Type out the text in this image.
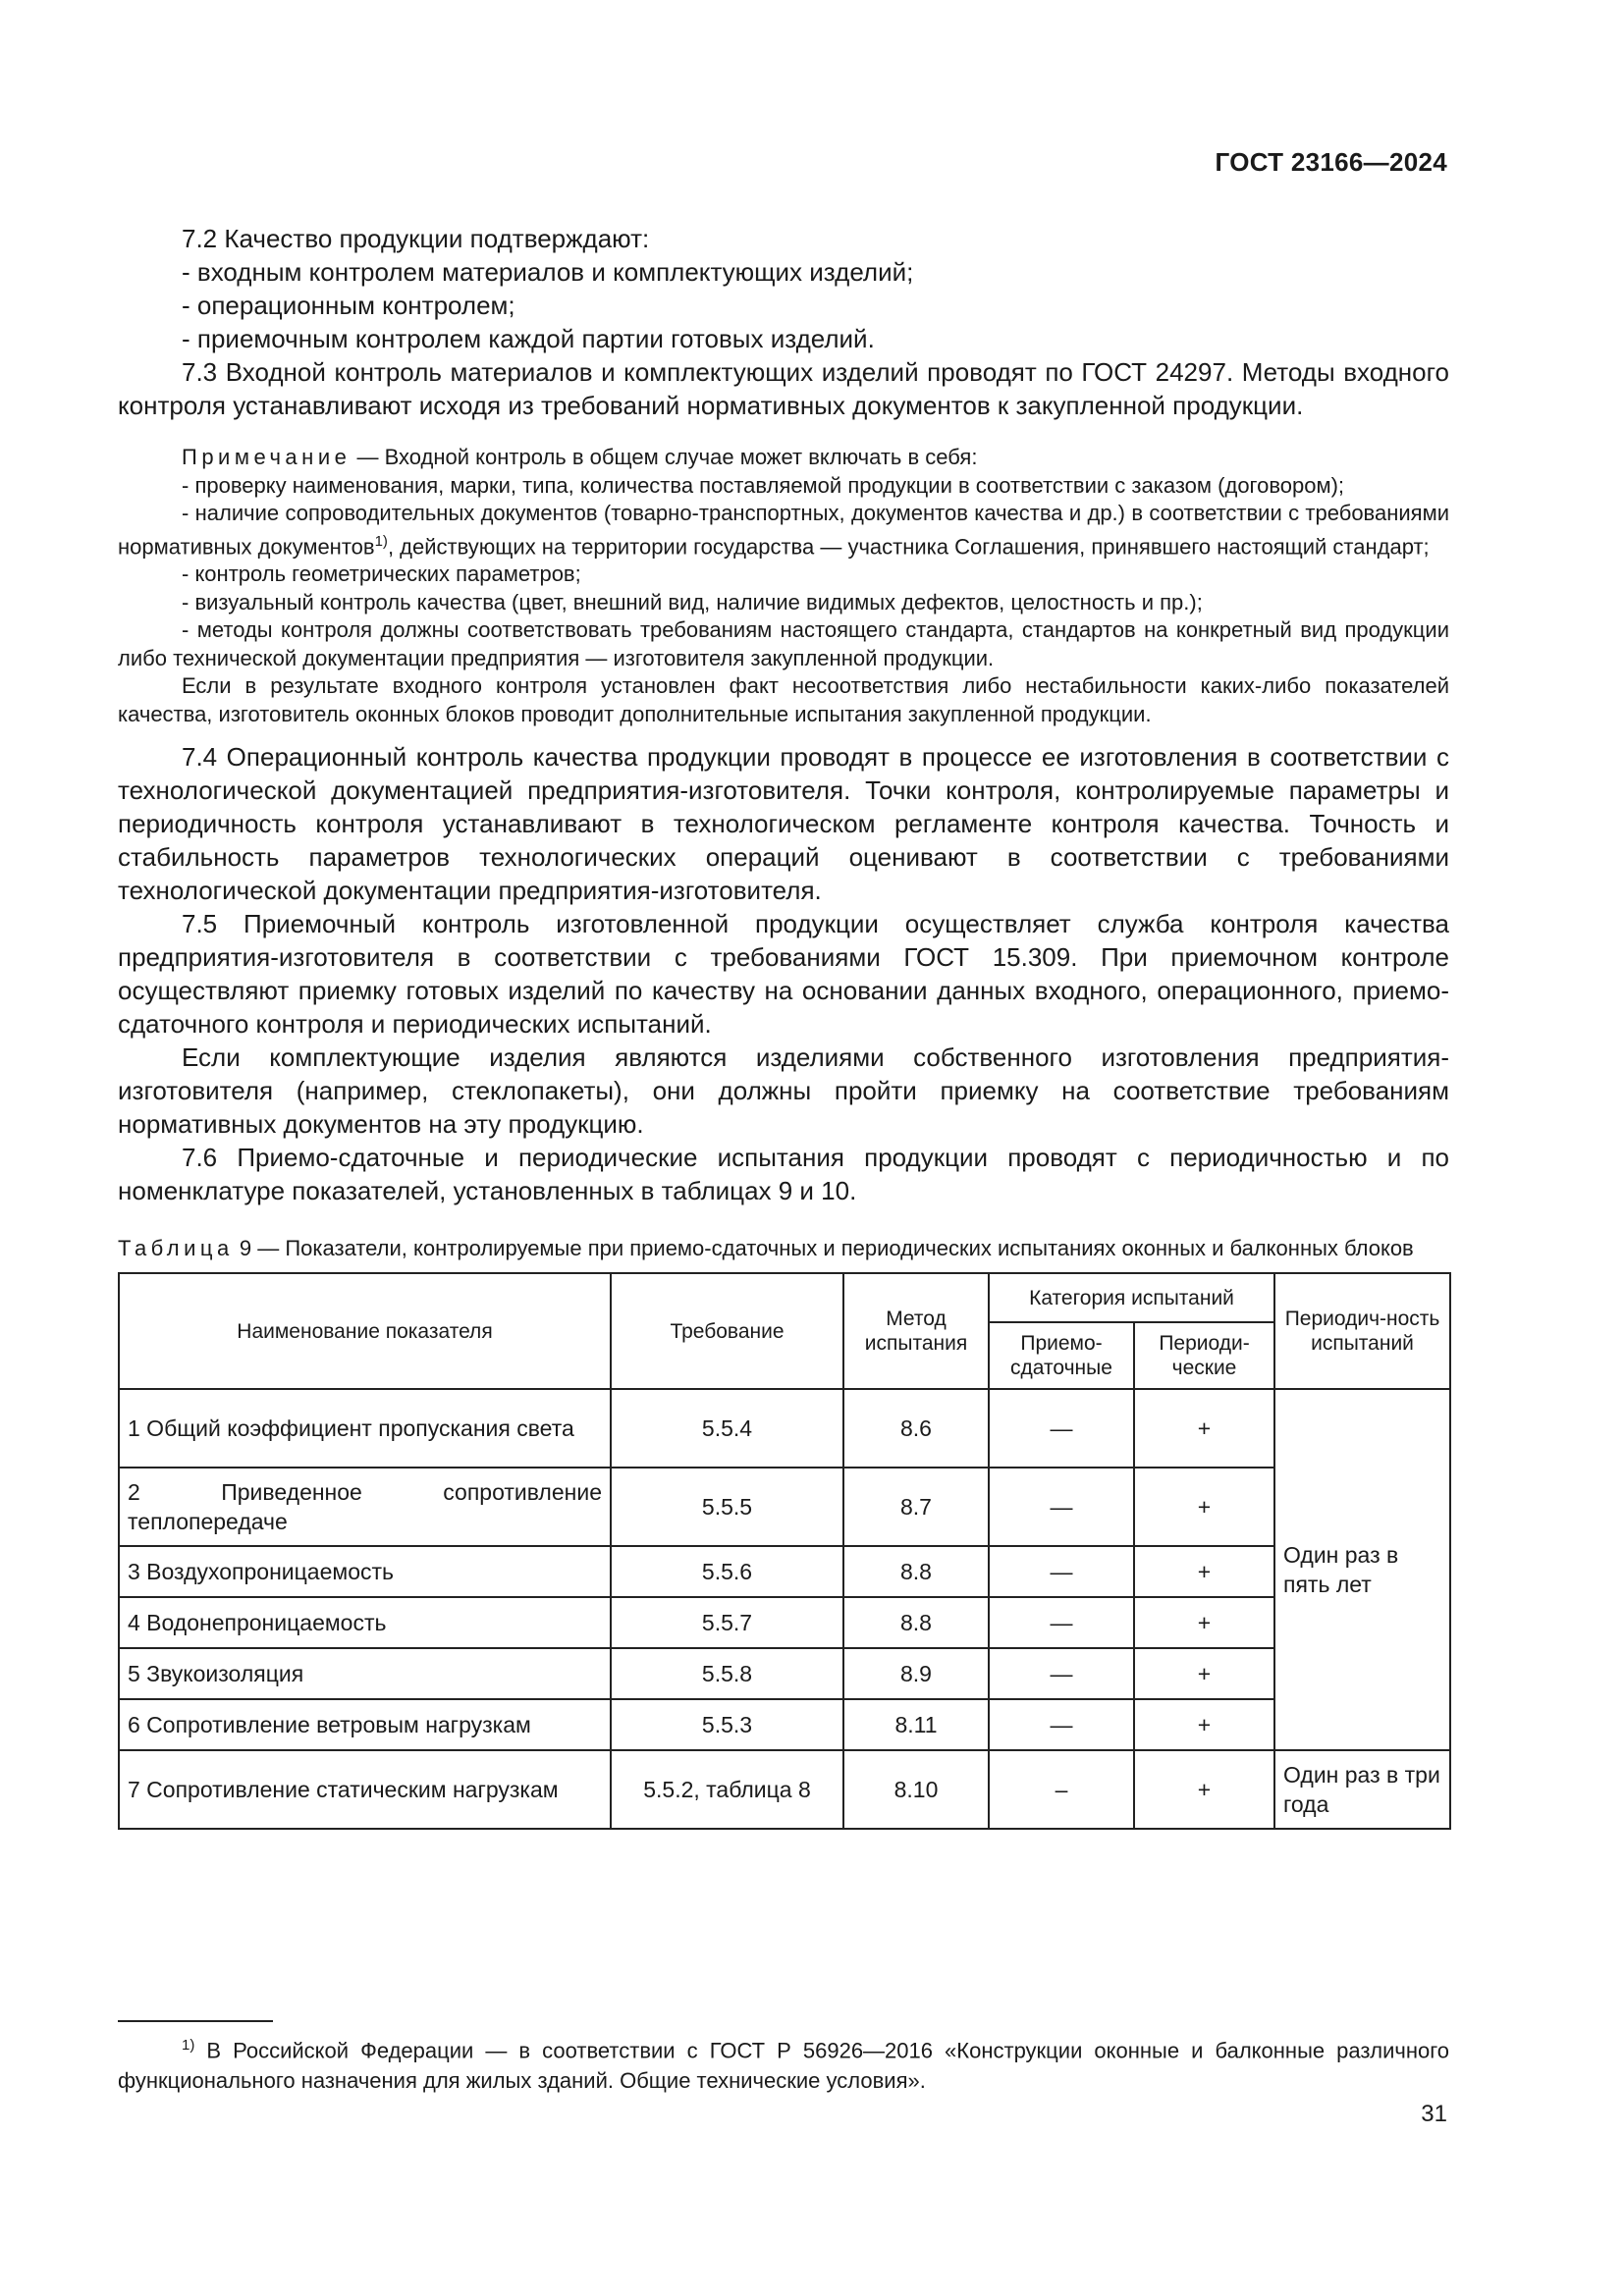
ГОСТ 23166—2024

7.2 Качество продукции подтверждают:

- входным контролем материалов и комплектующих изделий;

- операционным контролем;

- приемочным контролем каждой партии готовых изделий.

7.3 Входной контроль материалов и комплектующих изделий проводят по ГОСТ 24297. Методы входного контроля устанавливают исходя из требований нормативных документов к закупленной продукции.

Примечание — Входной контроль в общем случае может включать в себя:

- проверку наименования, марки, типа, количества поставляемой продукции в соответствии с заказом (договором);

- наличие сопроводительных документов (товарно-транспортных, документов качества и др.) в соответствии с требованиями нормативных документов$^{1)}$, действующих на территории государства — участника Соглашения, принявшего настоящий стандарт;

- контроль геометрических параметров;

- визуальный контроль качества (цвет, внешний вид, наличие видимых дефектов, целостность и пр.);

- методы контроля должны соответствовать требованиям настоящего стандарта, стандартов на конкретный вид продукции либо технической документации предприятия — изготовителя закупленной продукции.

Если в результате входного контроля установлен факт несоответствия либо нестабильности каких-либо показателей качества, изготовитель оконных блоков проводит дополнительные испытания закупленной продукции.

7.4 Операционный контроль качества продукции проводят в процессе ее изготовления в соответствии с технологической документацией предприятия-изготовителя. Точки контроля, контролируемые параметры и периодичность контроля устанавливают в технологическом регламенте контроля качества. Точность и стабильность параметров технологических операций оценивают в соответствии с требованиями технологической документации предприятия-изготовителя.

7.5 Приемочный контроль изготовленной продукции осуществляет служба контроля качества предприятия-изготовителя в соответствии с требованиями ГОСТ 15.309. При приемочном контроле осуществляют приемку готовых изделий по качеству на основании данных входного, операционного, приемо-сдаточного контроля и периодических испытаний.

Если комплектующие изделия являются изделиями собственного изготовления предприятия-изготовителя (например, стеклопакеты), они должны пройти приемку на соответствие требованиям нормативных документов на эту продукцию.

7.6 Приемо-сдаточные и периодические испытания продукции проводят с периодичностью и по номенклатуре показателей, установленных в таблицах 9 и 10.

Таблица 9 — Показатели, контролируемые при приемо-сдаточных и периодических испытаниях оконных и балконных блоков

Наименование показателя	Требование	Метод испытания	Категория испытаний		Периодич-ность испытаний
			Приемо-сдаточные	Периоди-ческие	

1 Общий коэффициент пропускания света	5.5.4	8.6	—	+	Один раз в пять лет

2 Приведенное сопротивление теплопередаче	5.5.5	8.7	—	+	
3 Воздухопроницаемость	5.5.6	8.8	—	+	
4 Водонепроницаемость	5.5.7	8.8	—	+	
5 Звукоизоляция	5.5.8	8.9	—	+	
6 Сопротивление ветровым нагрузкам	5.5.3	8.11	—	+	

7 Сопротивление статическим нагрузкам	5.5.2, таблица 8	8.10	–	+	Один раз в три года
$^{1)}$ В Российской Федерации — в соответствии с ГОСТ Р 56926—2016 «Конструкции оконные и балконные различного функционального назначения для жилых зданий. Общие технические условия».
31
